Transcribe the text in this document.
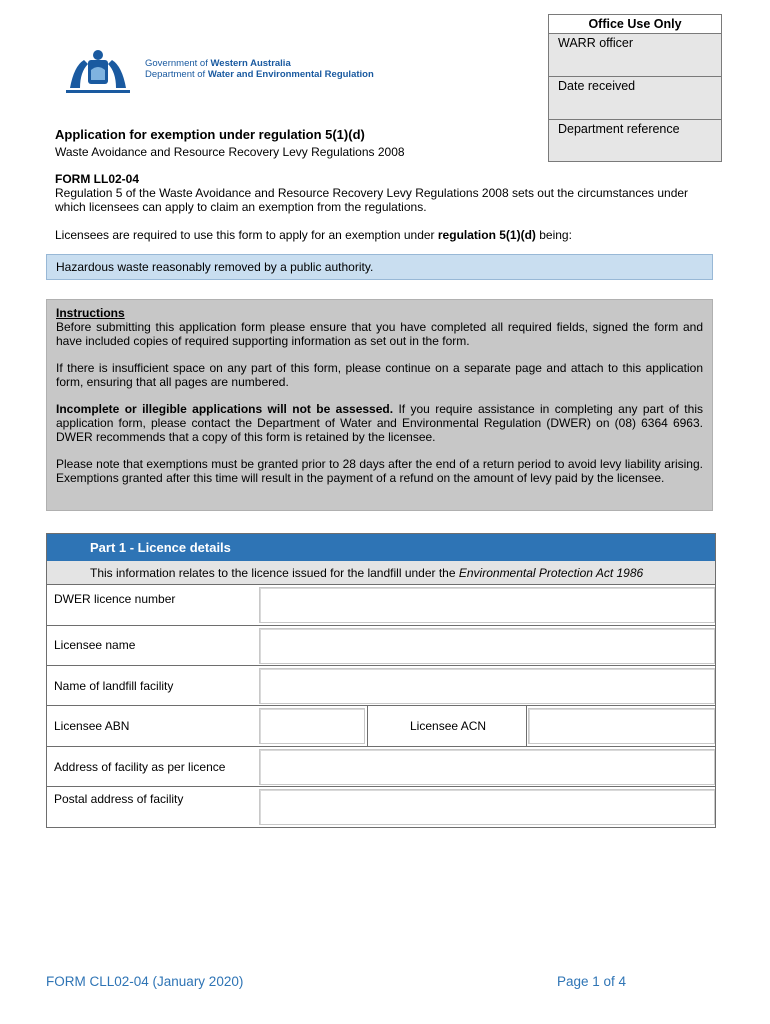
Office Use Only
WARR officer
Date received
Department reference
Government of Western Australia
Department of Water and Environmental Regulation
Application for exemption under regulation 5(1)(d)
Waste Avoidance and Resource Recovery Levy Regulations 2008
FORM LL02-04
Regulation 5 of the Waste Avoidance and Resource Recovery Levy Regulations 2008 sets out the circumstances under which licensees can apply to claim an exemption from the regulations.
Licensees are required to use this form to apply for an exemption under regulation 5(1)(d) being:
Hazardous waste reasonably removed by a public authority.
Instructions

Before submitting this application form please ensure that you have completed all required fields, signed the form and have included copies of required supporting information as set out in the form.

If there is insufficient space on any part of this form, please continue on a separate page and attach to this application form, ensuring that all pages are numbered.

Incomplete or illegible applications will not be assessed. If you require assistance in completing any part of this application form, please contact the Department of Water and Environmental Regulation (DWER) on (08) 6364 6963. DWER recommends that a copy of this form is retained by the licensee.

Please note that exemptions must be granted prior to 28 days after the end of a return period to avoid levy liability arising. Exemptions granted after this time will result in the payment of a refund on the amount of levy paid by the licensee.

Part 1 - Licence details
This information relates to the licence issued for the landfill under the Environmental Protection Act 1986
DWER licence number
Licensee name
Name of landfill facility
Licensee ABN	Licensee ACN
Address of facility as per licence
Postal address of facility
FORM CLL02-04 (January 2020)	Page 1 of 4
